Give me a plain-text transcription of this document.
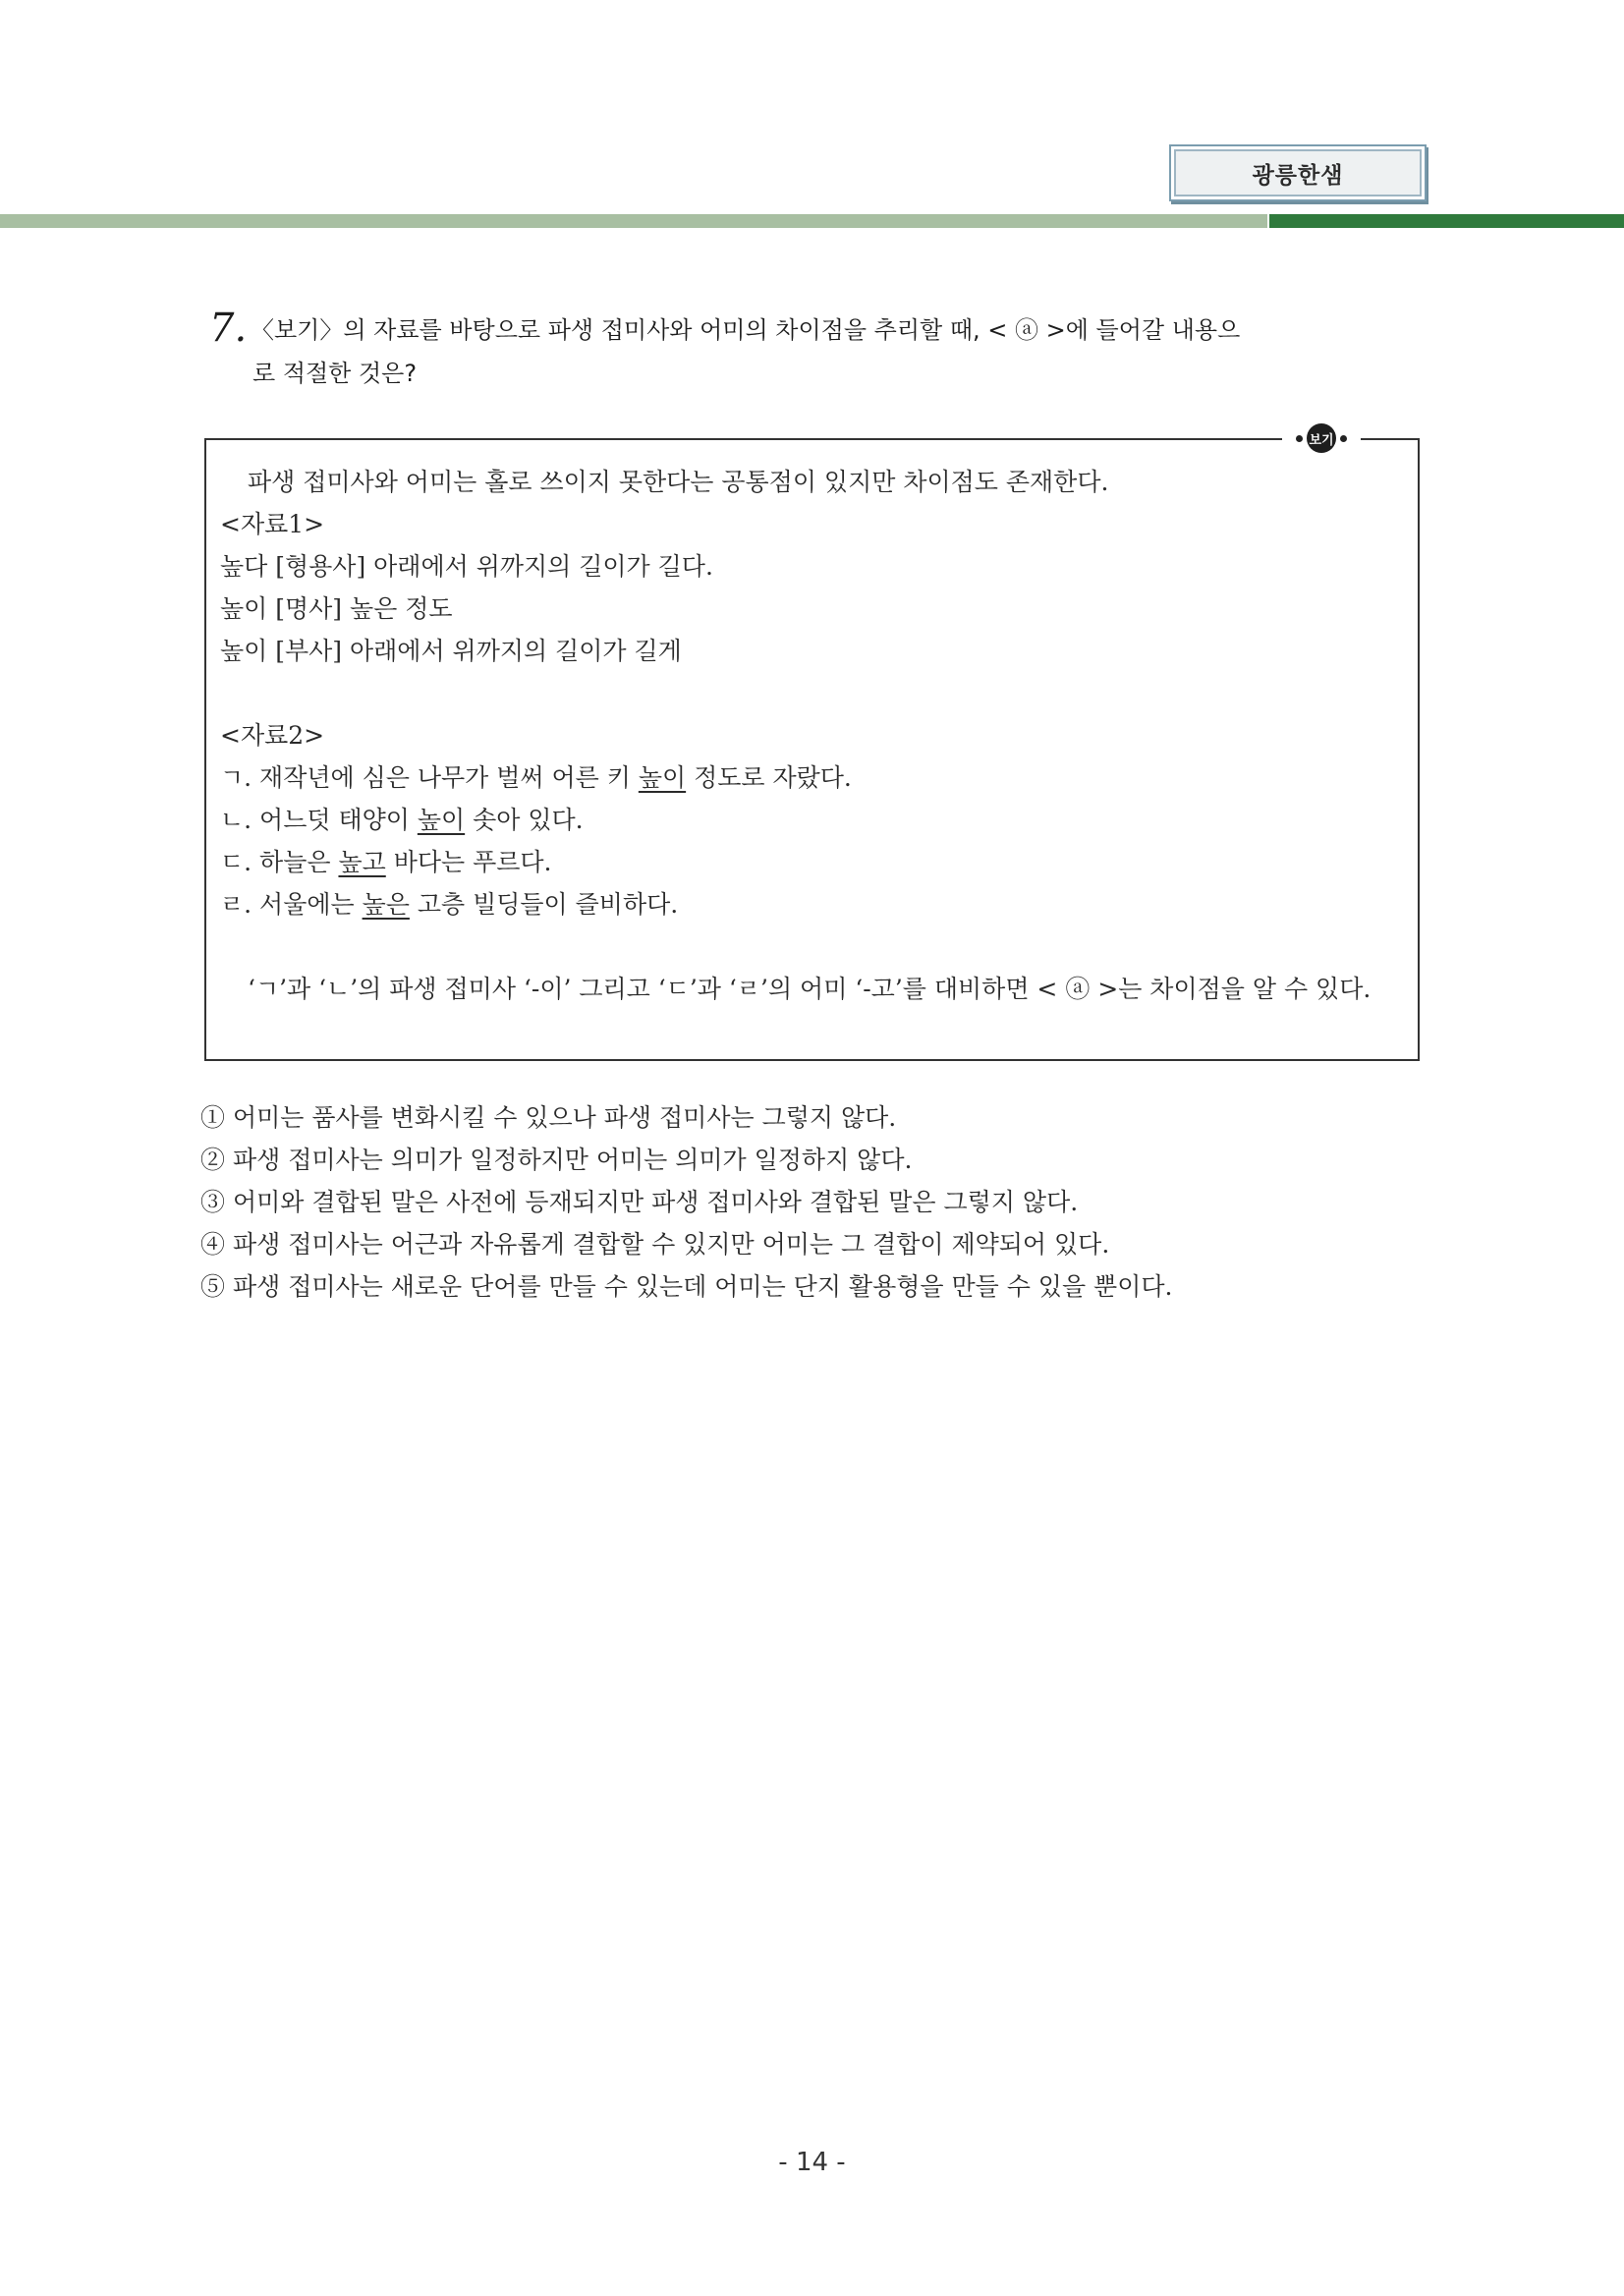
광릉한샘
7. 〈보기〉의 자료를 바탕으로 파생 접미사와 어미의 차이점을 추리할 때, < ⓐ >에 들어갈 내용으
로 적절한 것은?
보기
파생 접미사와 어미는 홀로 쓰이지 못한다는 공통점이 있지만 차이점도 존재한다.
<자료1>
높다 [형용사] 아래에서 위까지의 길이가 길다.
높이 [명사] 높은 정도
높이 [부사] 아래에서 위까지의 길이가 길게
<자료2>
ㄱ. 재작년에 심은 나무가 벌써 어른 키 높이 정도로 자랐다.
ㄴ. 어느덧 태양이 높이 솟아 있다.
ㄷ. 하늘은 높고 바다는 푸르다.
ㄹ. 서울에는 높은 고층 빌딩들이 즐비하다.
‘ㄱ’과 ‘ㄴ’의 파생 접미사 ‘-이’ 그리고 ‘ㄷ’과 ‘ㄹ’의 어미 ‘-고’를 대비하면 < ⓐ >는 차이점을 알 수 있다.
① 어미는 품사를 변화시킬 수 있으나 파생 접미사는 그렇지 않다.
② 파생 접미사는 의미가 일정하지만 어미는 의미가 일정하지 않다.
③ 어미와 결합된 말은 사전에 등재되지만 파생 접미사와 결합된 말은 그렇지 않다.
④ 파생 접미사는 어근과 자유롭게 결합할 수 있지만 어미는 그 결합이 제약되어 있다.
⑤ 파생 접미사는 새로운 단어를 만들 수 있는데 어미는 단지 활용형을 만들 수 있을 뿐이다.
- 14 -
